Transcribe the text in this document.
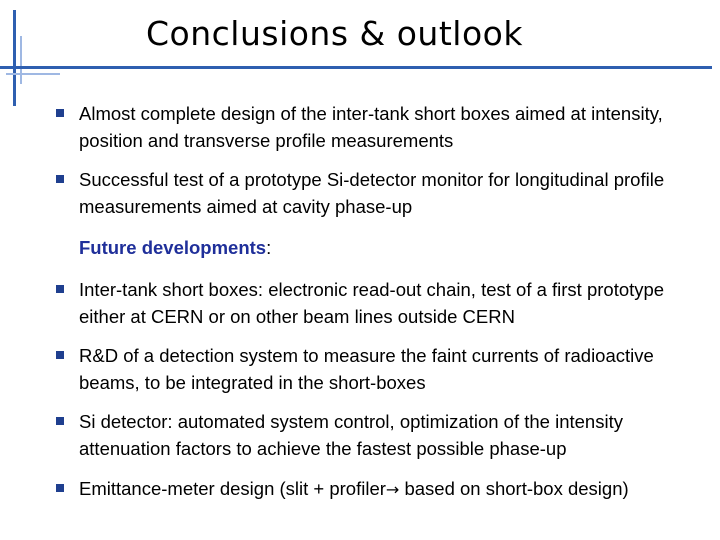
Conclusions & outlook
Almost complete design of the inter-tank short boxes aimed at intensity, position and transverse profile measurements
Successful test of a prototype Si-detector monitor for longitudinal profile measurements aimed at cavity phase-up
Future developments:
Inter-tank short boxes: electronic read-out chain, test of a first prototype either at CERN or on other beam lines outside CERN
R&D of a detection system to measure the faint currents of radioactive beams, to be integrated in the short-boxes
Si detector: automated system control, optimization of the intensity attenuation factors to achieve the fastest possible phase-up
Emittance-meter design (slit + profiler→ based on short-box design)
